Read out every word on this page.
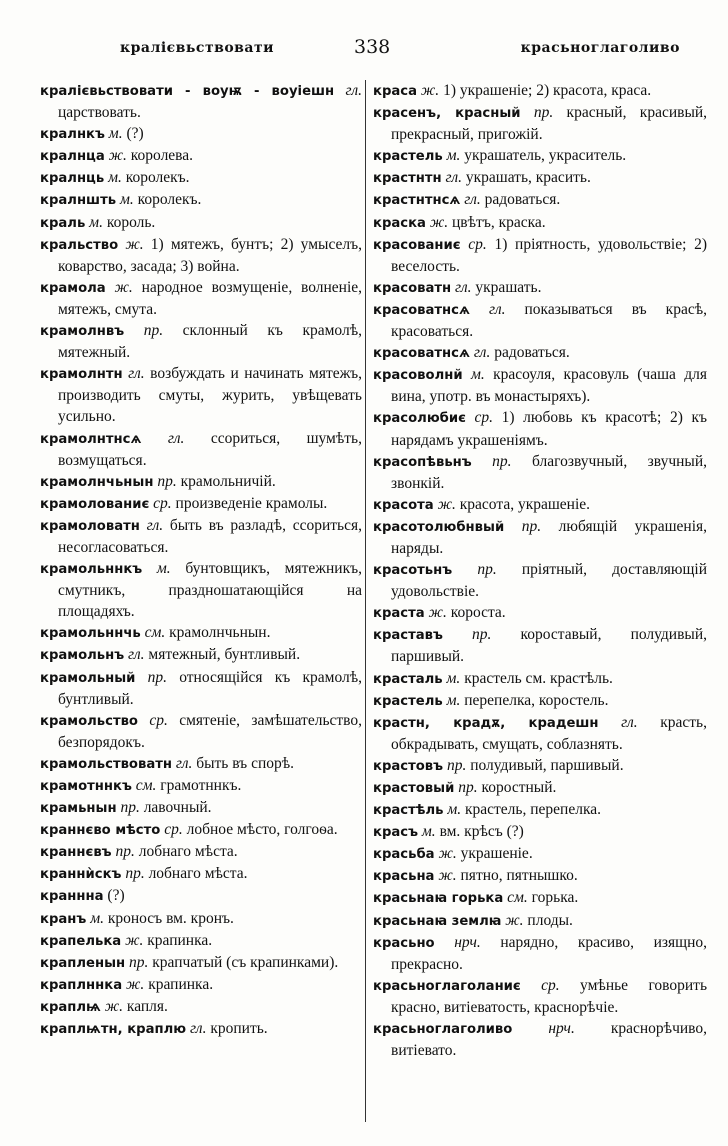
кралієвьствовати	338	красьноглаголиво

кралієвьствовати - вoуѭ - вoуіешн гл. царствовать.

кралнкъ м. (?)

кралнца ж. королева.

кралнць м. королекъ.

кралншть м. королекъ.

краль м. король.

кральство ж. 1) мятежъ, бунтъ; 2) умыселъ, коварство, засада; 3) война.

крамола ж. народное возмущеніе, волненіе, мятежъ, смута.

крамолнвъ пр. склонный къ крамолѣ, мятежный.

крамолнтн гл. возбуждать и начинать мятежъ, производить смуты, журить, увѣщевать усильно.

крамолнтнсѧ гл. ссориться, шумѣть, возмущаться.

крамолнчьнын пр. крамольничій.

крамолованиє ср. произведеніе крамолы.

крамоловатн гл. быть въ разладѣ, ссориться, несогласоваться.

крамольннкъ м. бунтовщикъ, мятежникъ, смутникъ, праздношатающійся на площадяхъ.

крамольннчь см. крамолнчьнын.

крамольнъ гл. мятежный, бунтливый.

крамольный пр. относящійся къ крамолѣ, бунтливый.

крамольство ср. смятеніе, замѣшательство, безпорядокъ.

крамольствоватн гл. быть въ спорѣ.

крамотннкъ см. грамотннкъ.

крамьнын пр. лавочный.

краннєво мѣсто ср. лобное мѣсто, голгоѳа.

краннєвъ пр. лобнаго мѣста.

краннѝскъ пр. лобнаго мѣста.

краннна (?)

кранъ м. кроносъ вм. кронъ.

крапелька ж. крапинка.

крапленын пр. крапчатый (съ крапинками).

краплннка ж. крапинка.

краплѩ ж. капля.

краплѩтн, краплю гл. кропить.

краса ж. 1) украшеніе; 2) красота, краса.

красенъ, красный пр. красный, красивый, прекрасный, пригожій.

крастель м. украшатель, украситель.

крастнтн гл. украшать, красить.

крастнтнсѧ гл. радоваться.

краска ж. цвѣтъ, краска.

красованиє ср. 1) пріятность, удовольствіе; 2) веселость.

красоватн гл. украшать.

красоватнсѧ гл. показываться въ красѣ, красоваться.

красоватнсѧ гл. радоваться.

красоволнй м. красоуля, красовуль (чаша для вина, употр. въ монастыряхъ).

красолюбиє ср. 1) любовь къ красотѣ; 2) къ нарядамъ украшеніямъ.

красопѣвьнъ пр. благозвучный, звучный, звонкій.

красота ж. красота, украшеніе.

красотолюбнвый пр. любящій украшенія, наряды.

красотьнъ пр. пріятный, доставляющій удовольствіе.

краста ж. короста.

краставъ пр. короставый, полудивый, паршивый.

красталь м. крастель см. крастѣль.

крастель м. перепелка, коростель.

крастн, крадѫ, крадешн гл. красть, обкрадывать, смущать, соблазнять.

крастовъ пр. полудивый, паршивый.

крастовый пр. коростный.

крастѣль м. крастель, перепелка.

красъ м. вм. крѣсъ (?)

красьба ж. украшеніе.

красьна ж. пятно, пятнышко.

красьнаꙗ горька см. горька.

красьнаꙗ землꙗ ж. плоды.

красьно нрч. нарядно, красиво, изящно, прекрасно.

красьноглаголаниє ср. умѣнье говорить красно, витіеватость, краснорѣчіе.

красьноглаголиво нрч. краснорѣчиво, витіевато.
